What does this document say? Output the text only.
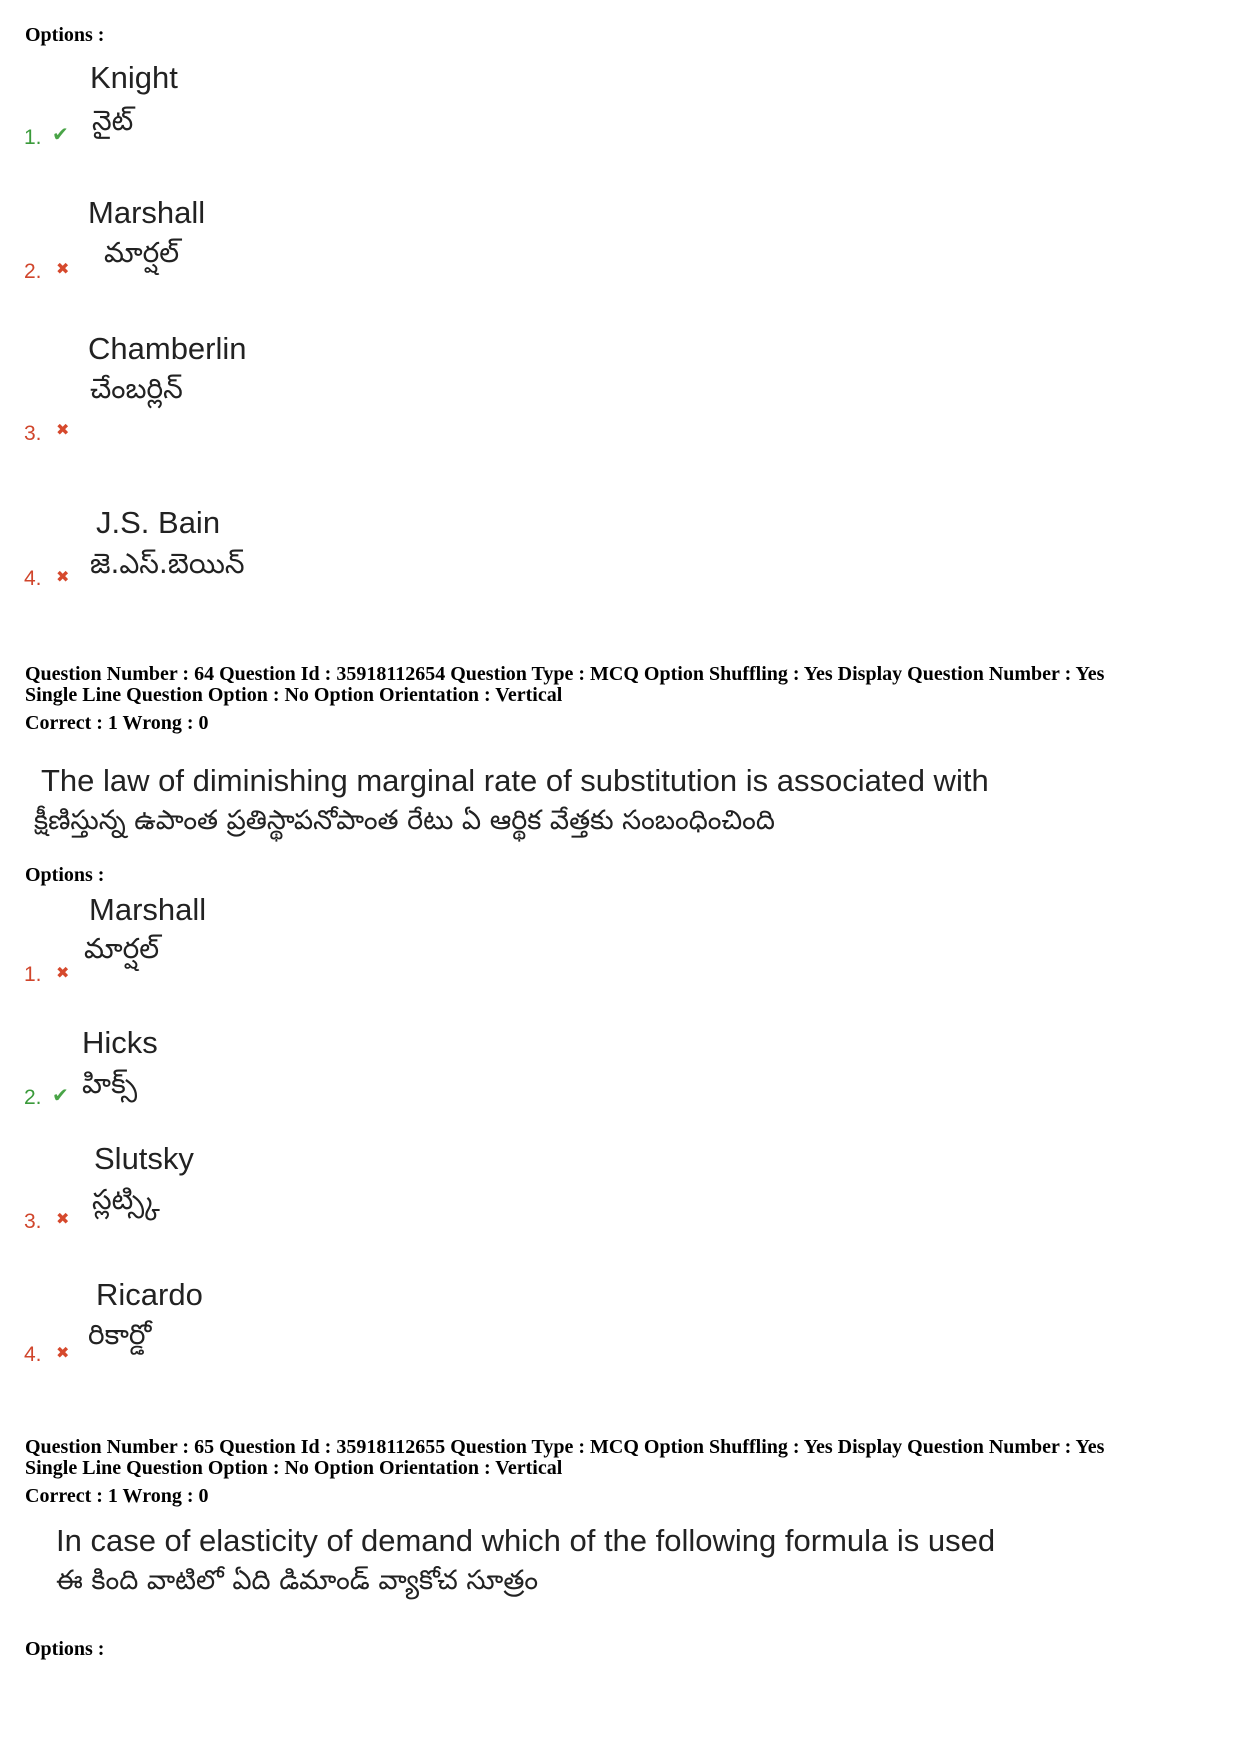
Options :
Knight
నైట్
1. ✔
Marshall
మార్షల్
2. ✖
Chamberlin
చేంబర్లిన్
3. ✖
J.S. Bain
జె.ఎస్.బెయిన్
4. ✖
Question Number : 64 Question Id : 35918112654 Question Type : MCQ Option Shuffling : Yes Display Question Number : Yes
Single Line Question Option : No Option Orientation : Vertical
Correct : 1 Wrong : 0
The law of diminishing marginal rate of substitution is associated with
క్షీణిస్తున్న ఉపాంత ప్రతిస్థాపనోపాంత రేటు ఏ ఆర్థిక వేత్తకు సంబంధించింది
Options :
Marshall
మార్షల్
1. ✖
Hicks
హిక్స్
2. ✔
Slutsky
స్లట్స్కి
3. ✖
Ricardo
రికార్డో
4. ✖
Question Number : 65 Question Id : 35918112655 Question Type : MCQ Option Shuffling : Yes Display Question Number : Yes
Single Line Question Option : No Option Orientation : Vertical
Correct : 1 Wrong : 0
In case of elasticity of demand which of the following formula is used
ఈ కింది వాటిలో ఏది డిమాండ్ వ్యాకోచ సూత్రం
Options :
